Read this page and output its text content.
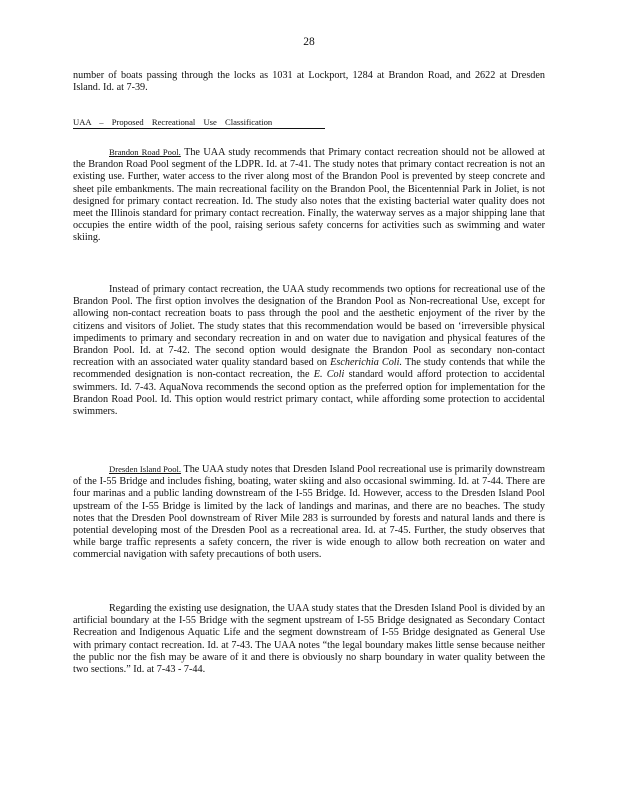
28

number of boats passing through the locks as 1031 at Lockport, 1284 at Brandon Road, and 2622 at Dresden Island. Id. at 7-39.

UAA – Proposed Recreational Use Classification

Brandon Road Pool. The UAA study recommends that Primary contact recreation should not be allowed at the Brandon Road Pool segment of the LDPR. Id. at 7-41. The study notes that primary contact recreation is not an existing use. Further, water access to the river along most of the Brandon Pool is prevented by steep concrete and sheet pile embankments. The main recreational facility on the Brandon Pool, the Bicentennial Park in Joliet, is not designed for primary contact recreation. Id. The study also notes that the existing bacterial water quality does not meet the Illinois standard for primary contact recreation. Finally, the waterway serves as a major shipping lane that occupies the entire width of the pool, raising serious safety concerns for activities such as swimming and water skiing.

Instead of primary contact recreation, the UAA study recommends two options for recreational use of the Brandon Pool. The first option involves the designation of the Brandon Pool as Non-recreational Use, except for allowing non-contact recreation boats to pass through the pool and the aesthetic enjoyment of the river by the citizens and visitors of Joliet. The study states that this recommendation would be based on ‘irreversible physical impediments to primary and secondary recreation in and on water due to navigation and physical features of the Brandon Pool. Id. at 7-42. The second option would designate the Brandon Pool as secondary non-contact recreation with an associated water quality standard based on Escherichia Coli. The study contends that while the recommended designation is non-contact recreation, the E. Coli standard would afford protection to accidental swimmers. Id. 7-43. AquaNova recommends the second option as the preferred option for implementation for the Brandon Road Pool. Id. This option would restrict primary contact, while affording some protection to accidental swimmers.

Dresden Island Pool. The UAA study notes that Dresden Island Pool recreational use is primarily downstream of the I-55 Bridge and includes fishing, boating, water skiing and also occasional swimming. Id. at 7-44. There are four marinas and a public landing downstream of the I-55 Bridge. Id. However, access to the Dresden Island Pool upstream of the I-55 Bridge is limited by the lack of landings and marinas, and there are no beaches. The study notes that the Dresden Pool downstream of River Mile 283 is surrounded by forests and natural lands and there is potential developing most of the Dresden Pool as a recreational area. Id. at 7-45. Further, the study observes that while barge traffic represents a safety concern, the river is wide enough to allow both recreation on water and commercial navigation with safety precautions of both users.

Regarding the existing use designation, the UAA study states that the Dresden Island Pool is divided by an artificial boundary at the I-55 Bridge with the segment upstream of I-55 Bridge designated as Secondary Contact Recreation and Indigenous Aquatic Life and the segment downstream of I-55 Bridge designated as General Use with primary contact recreation. Id. at 7-43. The UAA notes “the legal boundary makes little sense because neither the public nor the fish may be aware of it and there is obviously no sharp boundary in water quality between the two sections.” Id. at 7-43 - 7-44.
